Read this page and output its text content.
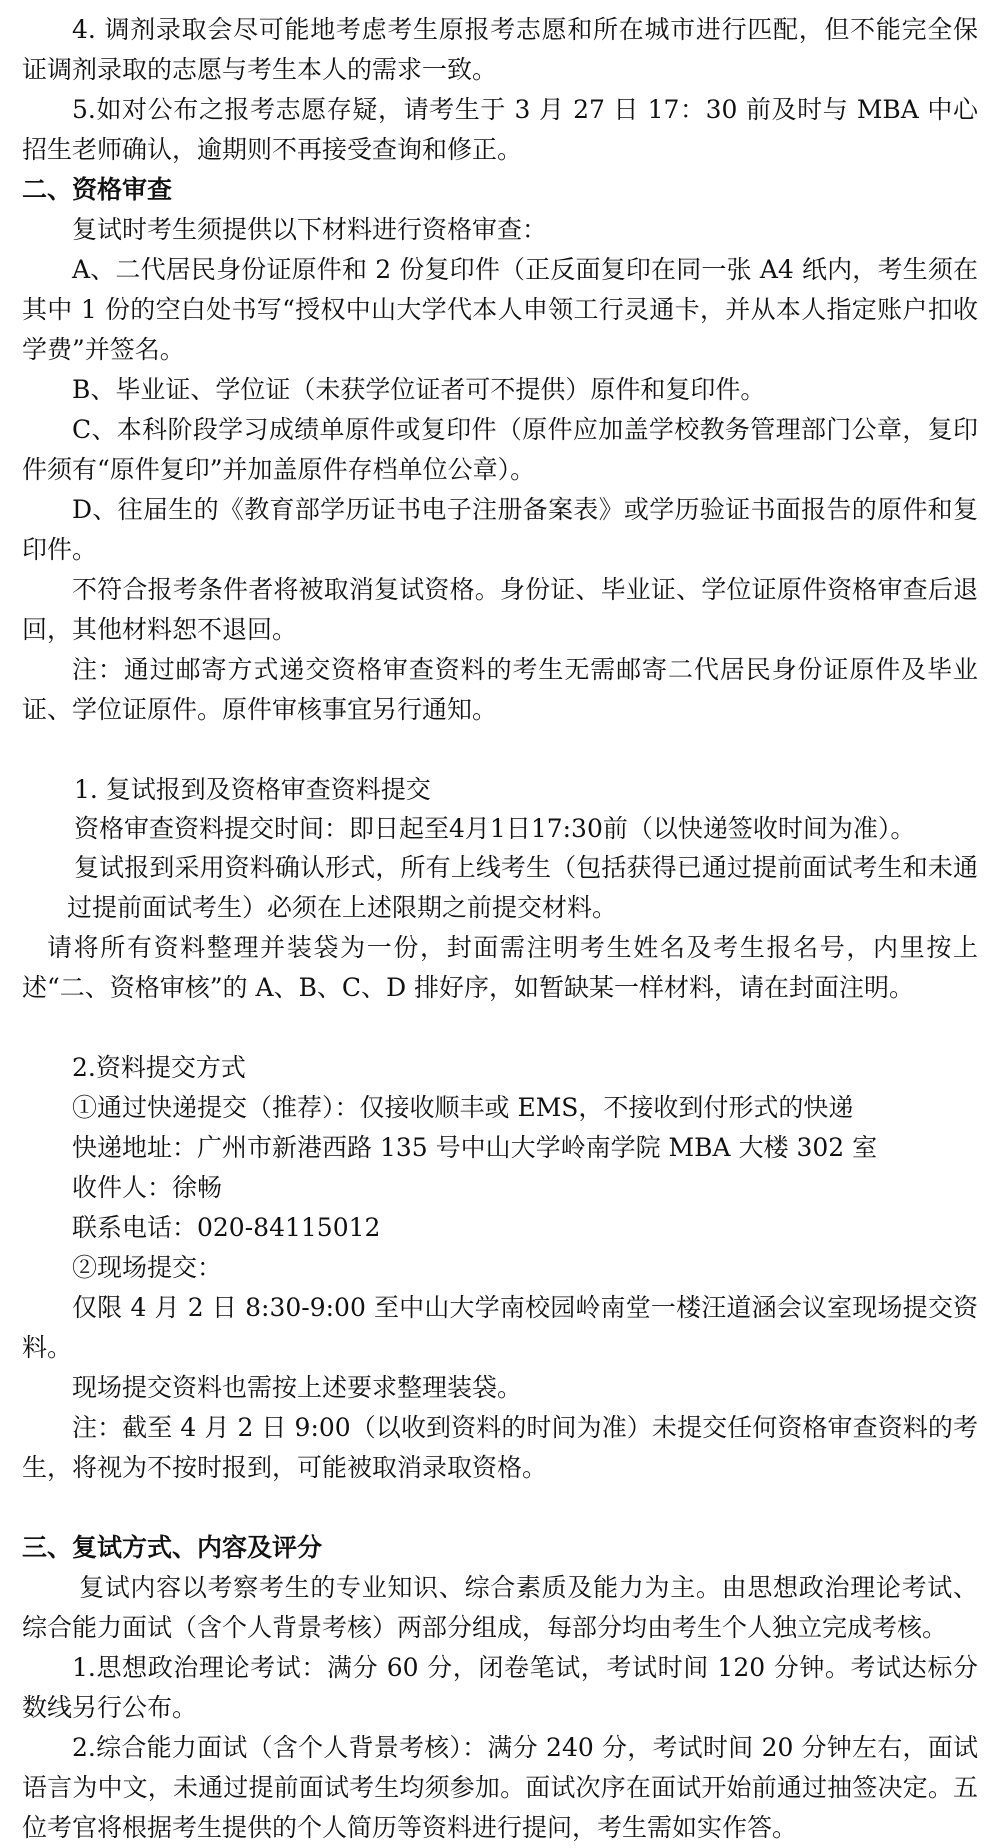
4. 调剂录取会尽可能地考虑考生原报考志愿和所在城市进行匹配，但不能完全保证调剂录取的志愿与考生本人的需求一致。

5.如对公布之报考志愿存疑，请考生于 3 月 27 日 17：30 前及时与 MBA 中心招生老师确认，逾期则不再接受查询和修正。

二、资格审查

复试时考生须提供以下材料进行资格审查：

A、二代居民身份证原件和 2 份复印件（正反面复印在同一张 A4 纸内，考生须在其中 1 份的空白处书写“授权中山大学代本人申领工行灵通卡，并从本人指定账户扣收学费”并签名。

B、毕业证、学位证（未获学位证者可不提供）原件和复印件。

C、本科阶段学习成绩单原件或复印件（原件应加盖学校教务管理部门公章，复印件须有“原件复印”并加盖原件存档单位公章）。

D、往届生的《教育部学历证书电子注册备案表》或学历验证书面报告的原件和复印件。

不符合报考条件者将被取消复试资格。身份证、毕业证、学位证原件资格审查后退回，其他材料恕不退回。

注：通过邮寄方式递交资格审查资料的考生无需邮寄二代居民身份证原件及毕业证、学位证原件。原件审核事宜另行通知。

1. 复试报到及资格审查资料提交

资格审查资料提交时间：即日起至4月1日17:30前（以快递签收时间为准）。

复试报到采用资料确认形式，所有上线考生（包括获得已通过提前面试考生和未通过提前面试考生）必须在上述限期之前提交材料。

请将所有资料整理并装袋为一份，封面需注明考生姓名及考生报名号，内里按上述“二、资格审核”的 A、B、C、D 排好序，如暂缺某一样材料，请在封面注明。

2.资料提交方式

①通过快递提交（推荐）：仅接收顺丰或 EMS，不接收到付形式的快递

快递地址：广州市新港西路 135 号中山大学岭南学院 MBA 大楼 302 室

收件人：徐畅

联系电话：020-84115012

②现场提交：

仅限 4 月 2 日 8:30-9:00 至中山大学南校园岭南堂一楼汪道涵会议室现场提交资料。

现场提交资料也需按上述要求整理装袋。

注：截至 4 月 2 日 9:00（以收到资料的时间为准）未提交任何资格审查资料的考生，将视为不按时报到，可能被取消录取资格。

三、复试方式、内容及评分

复试内容以考察考生的专业知识、综合素质及能力为主。由思想政治理论考试、综合能力面试（含个人背景考核）两部分组成，每部分均由考生个人独立完成考核。

1.思想政治理论考试：满分 60 分，闭卷笔试，考试时间 120 分钟。考试达标分数线另行公布。

2.综合能力面试（含个人背景考核）：满分 240 分，考试时间 20 分钟左右，面试语言为中文，未通过提前面试考生均须参加。面试次序在面试开始前通过抽签决定。五位考官将根据考生提供的个人简历等资料进行提问，考生需如实作答。
